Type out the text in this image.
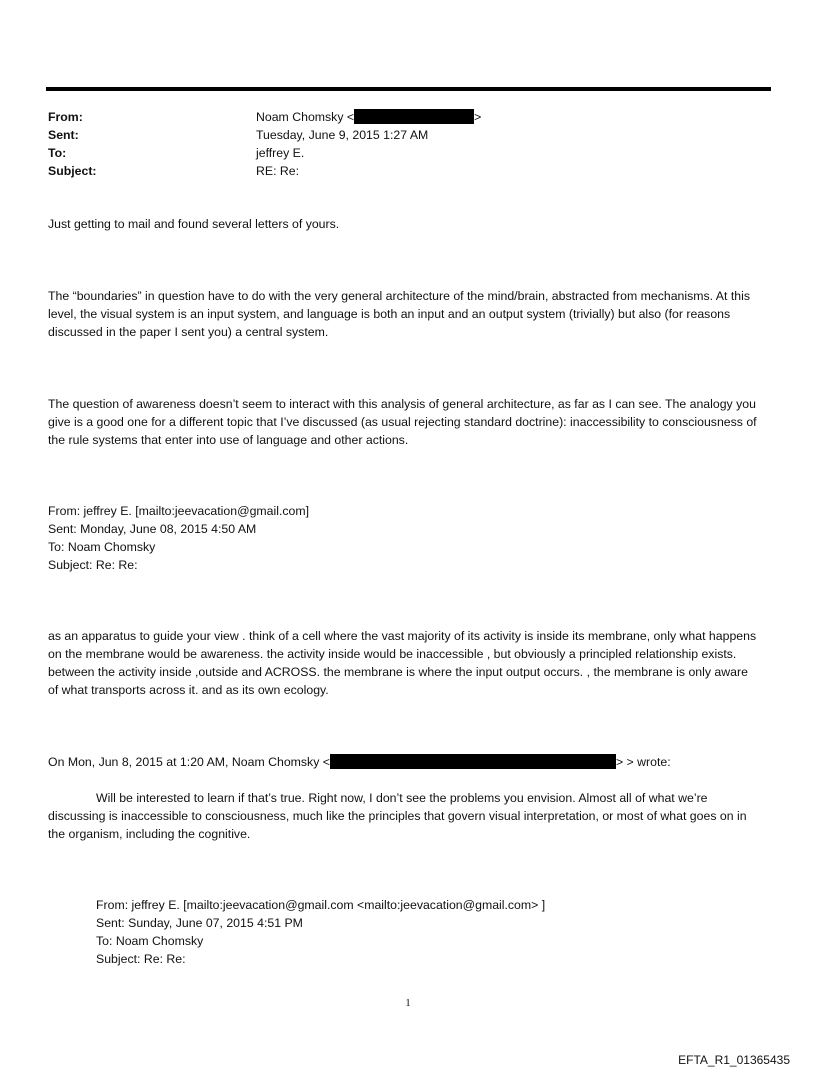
From:	Noam Chomsky <	>
Sent:	Tuesday, June 9, 2015 1:27 AM
To:	jeffrey E.
Subject:	RE: Re:

Just getting to mail and found several letters of yours.

The “boundaries” in question have to do with the very general architecture of the mind/brain, abstracted from mechanisms. At this level, the visual system is an input system, and language is both an input and an output system (trivially) but also (for reasons discussed in the paper I sent you) a central system.

The question of awareness doesn’t seem to interact with this analysis of general architecture, as far as I can see. The analogy you give is a good one for a different topic that I’ve discussed (as usual rejecting standard doctrine): inaccessibility to consciousness of the rule systems that enter into use of language and other actions.

From: jeffrey E. [mailto:jeevacation@gmail.com]
Sent: Monday, June 08, 2015 4:50 AM
To: Noam Chomsky
Subject: Re: Re:

as an apparatus to guide your view . think of a cell where the vast majority of its activity is inside its membrane, only what happens on the membrane would be awareness. the activity inside would be inaccessible , but obviously a principled relationship exists. between the activity inside ,outside and ACROSS. the membrane is where the input output occurs. , the membrane is only aware of what transports across it. and as its own ecology.

On Mon, Jun 8, 2015 at 1:20 AM, Noam Chomsky <	> > wrote:

Will be interested to learn if that’s true. Right now, I don’t see the problems you envision. Almost all of what we’re discussing is inaccessible to consciousness, much like the principles that govern visual interpretation, or most of what goes on in the organism, including the cognitive.

From: jeffrey E. [mailto:jeevacation@gmail.com <mailto:jeevacation@gmail.com> ]
Sent: Sunday, June 07, 2015 4:51 PM
To: Noam Chomsky
Subject: Re: Re:
1
EFTA_R1_01365435
